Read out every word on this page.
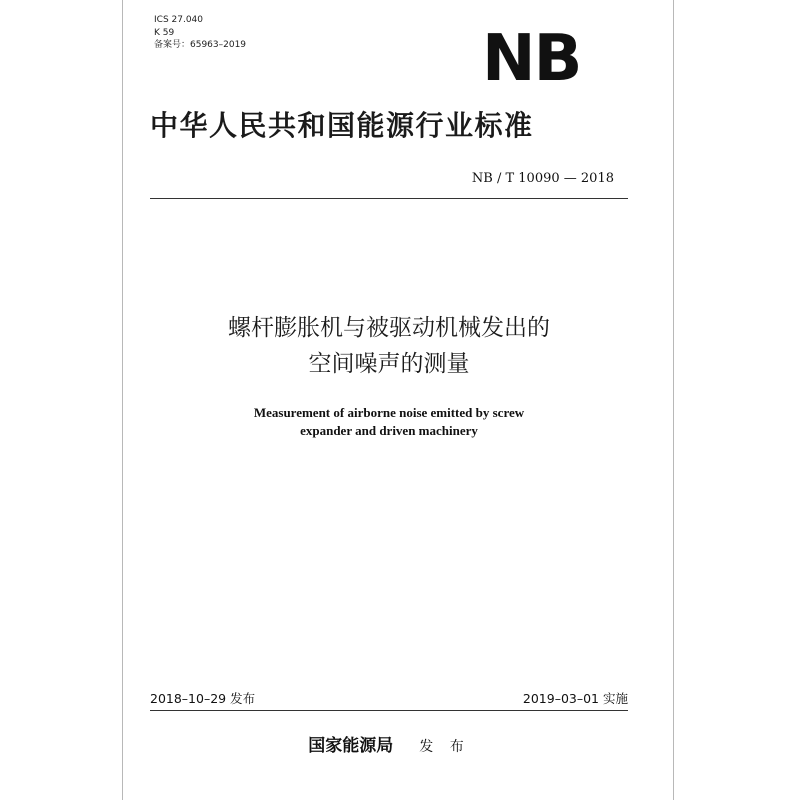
ICS 27.040
K 59
备案号：65963–2019	NB
中华人民共和国能源行业标准
NB / T 10090 — 2018
螺杆膨胀机与被驱动机械发出的
空间噪声的测量
Measurement of airborne noise emitted by screw
expander and driven machinery
2018–10–29 发布	2019–03–01 实施
国家能源局 发 布
